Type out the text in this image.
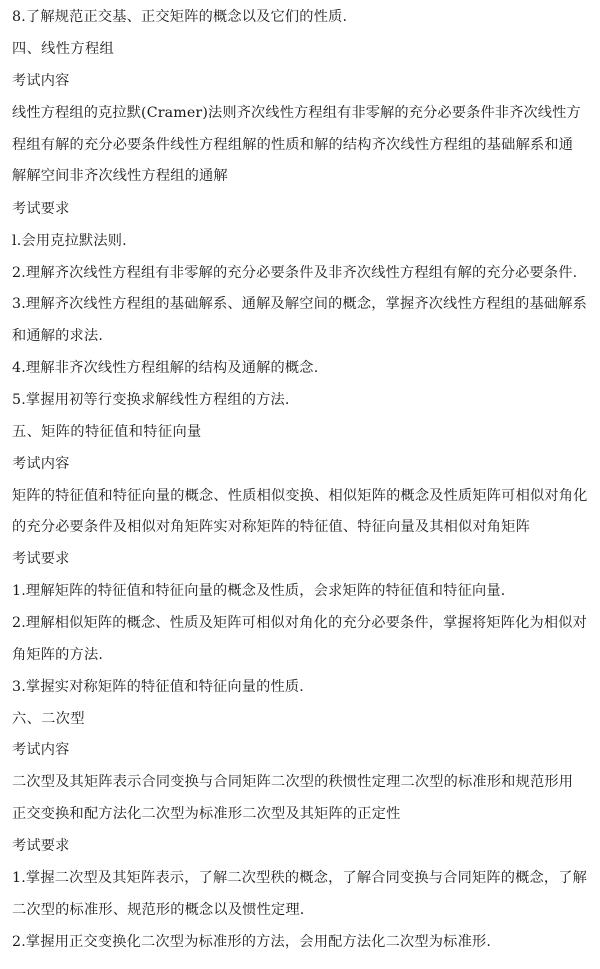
8.了解规范正交基、正交矩阵的概念以及它们的性质.
四、线性方程组
考试内容
线性方程组的克拉默(Cramer)法则齐次线性方程组有非零解的充分必要条件非齐次线性方
程组有解的充分必要条件线性方程组解的性质和解的结构齐次线性方程组的基础解系和通
解解空间非齐次线性方程组的通解
考试要求
l.会用克拉默法则.
2.理解齐次线性方程组有非零解的充分必要条件及非齐次线性方程组有解的充分必要条件.
3.理解齐次线性方程组的基础解系、通解及解空间的概念，掌握齐次线性方程组的基础解系
和通解的求法.
4.理解非齐次线性方程组解的结构及通解的概念.
5.掌握用初等行变换求解线性方程组的方法.
五、矩阵的特征值和特征向量
考试内容
矩阵的特征值和特征向量的概念、性质相似变换、相似矩阵的概念及性质矩阵可相似对角化
的充分必要条件及相似对角矩阵实对称矩阵的特征值、特征向量及其相似对角矩阵
考试要求
1.理解矩阵的特征值和特征向量的概念及性质，会求矩阵的特征值和特征向量.
2.理解相似矩阵的概念、性质及矩阵可相似对角化的充分必要条件，掌握将矩阵化为相似对
角矩阵的方法.
3.掌握实对称矩阵的特征值和特征向量的性质.
六、二次型
考试内容
二次型及其矩阵表示合同变换与合同矩阵二次型的秩惯性定理二次型的标准形和规范形用
正交变换和配方法化二次型为标准形二次型及其矩阵的正定性
考试要求
1.掌握二次型及其矩阵表示，了解二次型秩的概念，了解合同变换与合同矩阵的概念，了解
二次型的标准形、规范形的概念以及惯性定理.
2.掌握用正交变换化二次型为标准形的方法，会用配方法化二次型为标准形.
